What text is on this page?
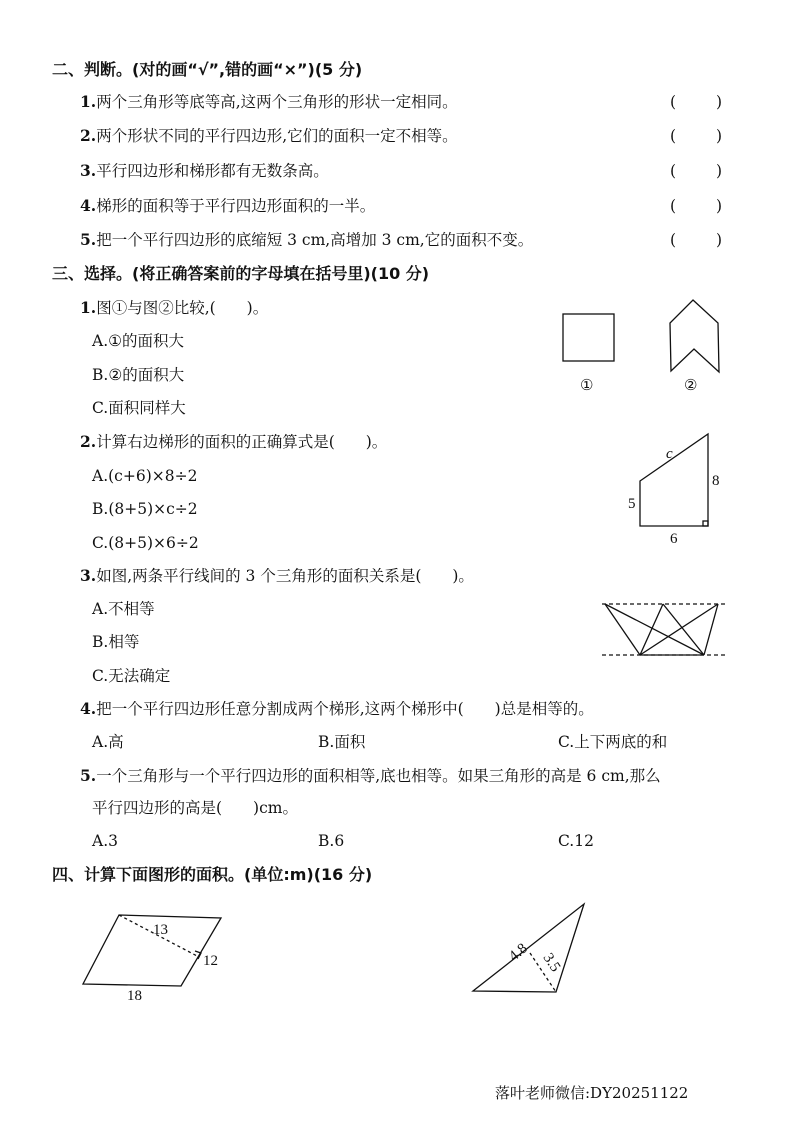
二、判断。(对的画“√”,错的画“×”)(5 分)
1.两个三角形等底等高,这两个三角形的形状一定相同。	(	)
2.两个形状不同的平行四边形,它们的面积一定不相等。	(	)
3.平行四边形和梯形都有无数条高。	(	)
4.梯形的面积等于平行四边形面积的一半。	(	)
5.把一个平行四边形的底缩短 3 cm,高增加 3 cm,它的面积不变。	(	)
三、选择。(将正确答案前的字母填在括号里)(10 分)
1.图①与图②比较,(　　)。
A.①的面积大
B.②的面积大
C.面积同样大
2.计算右边梯形的面积的正确算式是(　　)。
A.(c+6)×8÷2
B.(8+5)×c÷2
C.(8+5)×6÷2
3.如图,两条平行线间的 3 个三角形的面积关系是(　　)。
A.不相等
B.相等
C.无法确定
4.把一个平行四边形任意分割成两个梯形,这两个梯形中(　　)总是相等的。
A.高	B.面积	C.上下两底的和
5.一个三角形与一个平行四边形的面积相等,底也相等。如果三角形的高是 6 cm,那么
平行四边形的高是(　　)cm。
A.3	B.6	C.12
四、计算下面图形的面积。(单位:m)(16 分)
①	②
c
8
5
6
13
12
18
4.8 3.5
落叶老师微信:DY20251122
